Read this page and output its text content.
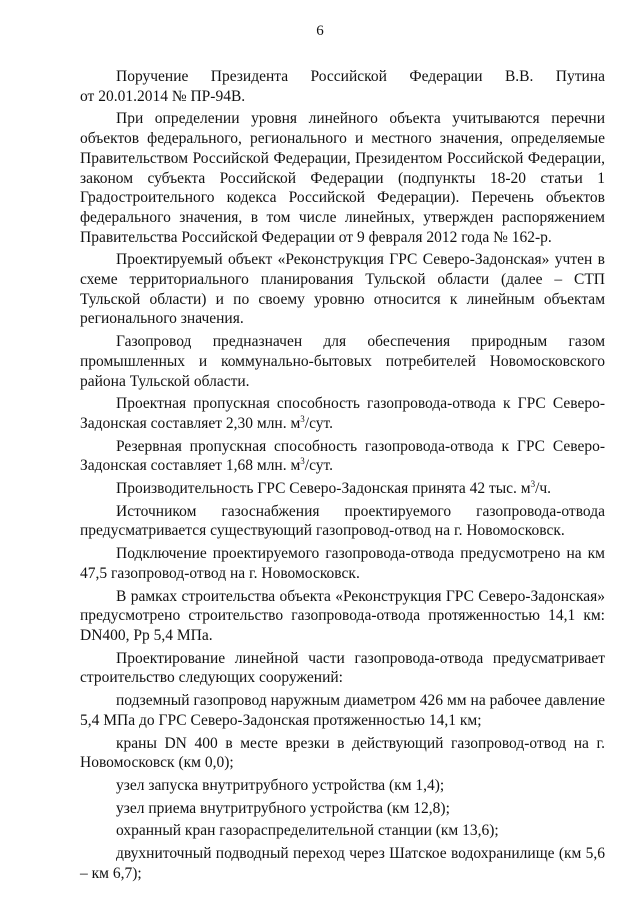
6
Поручение Президента Российской Федерации В.В. Путина
от 20.01.2014 № ПР-94В.

При определении уровня линейного объекта учитываются перечни объектов федерального, регионального и местного значения, определяемые Правительством Российской Федерации, Президентом Российской Федерации, законом субъекта Российской Федерации (подпункты 18-20 статьи 1 Градостроительного кодекса Российской Федерации). Перечень объектов федерального значения, в том числе линейных, утвержден распоряжением Правительства Российской Федерации от 9 февраля 2012 года № 162-р.

Проектируемый объект «Реконструкция ГРС Северо-Задонская» учтен в схеме территориального планирования Тульской области (далее – СТП Тульской области) и по своему уровню относится к линейным объектам регионального значения.

Газопровод предназначен для обеспечения природным газом промышленных и коммунально-бытовых потребителей Новомосковского района Тульской области.

Проектная пропускная способность газопровода-отвода к ГРС Северо-Задонская составляет 2,30 млн. $м^3$/сут.

Резервная пропускная способность газопровода-отвода к ГРС Северо-Задонская составляет 1,68 млн. $м^3$/сут.

Производительность ГРС Северо-Задонская принята 42 тыс. $м^3/ч$.

Источником газоснабжения проектируемого газопровода-отвода предусматривается существующий газопровод-отвод на г. Новомосковск.

Подключение проектируемого газопровода-отвода предусмотрено на км 47,5 газопровод-отвод на г. Новомосковск.

В рамках строительства объекта «Реконструкция ГРС Северо-Задонская» предусмотрено строительство газопровода-отвода протяженностью 14,1 км: DN400, Рр 5,4 МПа.

Проектирование линейной части газопровода-отвода предусматривает строительство следующих сооружений:

подземный газопровод наружным диаметром 426 мм на рабочее давление 5,4 МПа до ГРС Северо-Задонская протяженностью 14,1 км;

краны DN 400 в месте врезки в действующий газопровод-отвод на г. Новомосковск (км 0,0);

узел запуска внутритрубного устройства (км 1,4);

узел приема внутритрубного устройства (км 12,8);

охранный кран газораспределительной станции (км 13,6);

двухниточный подводный переход через Шатское водохранилище (км 5,6 – км 6,7);
